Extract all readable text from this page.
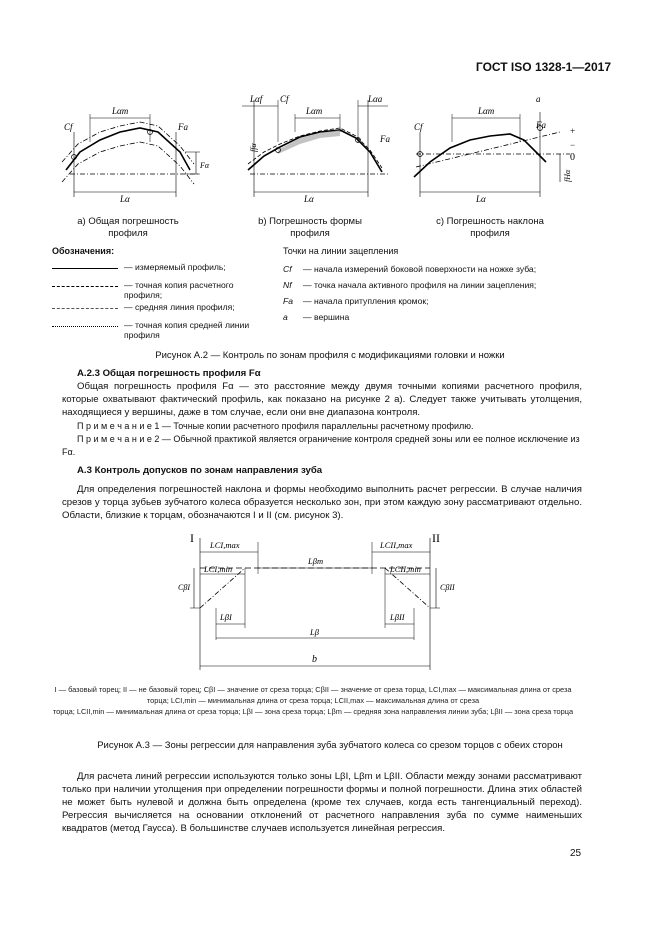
ГОСТ ISO 1328-1—2017
Cf	Fa
Lαm
Lα
Fα
Lαf Cf	Lαa
Lαm
Fa
Lα
ffα
Cf
a
Fa
+
−
0
Lαm
Lα
fHα
a) Общая погрешность профиля
b) Погрешность формы профиля
c) Погрешность наклона профиля
Обозначения:
— измеряемый профиль;
— точная копия расчетного профиля;
— средняя линия профиля;
— точная копия средней линии профиля
Точки на линии зацепления
Cf — начала измерений боковой поверхности на ножке зуба;
Nf — точка начала активного профиля на линии зацепления;
Fa — начала притупления кромок;
a — вершина
Рисунок А.2 — Контроль по зонам профиля с модификациями головки и ножки
А.2.3 Общая погрешность профиля Fα
Общая погрешность профиля Fα — это расстояние между двумя точными копиями расчетного профиля, которые охватывают фактический профиль, как показано на рисунке 2 a). Следует также учитывать утолщения, находящиеся у вершины, даже в том случае, если они вне диапазона контроля.
П р и м е ч а н и е 1 — Точные копии расчетного профиля параллельны расчетному профилю.
П р и м е ч а н и е 2 — Обычной практикой является ограничение контроля средней зоны или ее полное исключение из Fα.
А.3 Контроль допусков по зонам направления зуба
Для определения погрешностей наклона и формы необходимо выполнить расчет регрессии. В случае наличия срезов у торца зубьев зубчатого колеса образуется несколько зон, при этом каждую зону рассматривают отдельно. Области, близкие к торцам, обозначаются I и II (см. рисунок 3).
I	II
LCI,max	LCII,max
LCI,min	LCII,min
Lβm
LβI	LβII
Lβ
b
CβI	CβII
I — базовый торец; II — не базовый торец; CβI — значение от среза торца; CβII — значение от среза торца, LCI,max — максимальная длина от среза торца; LCI,min — минимальная длина от среза торца; LCII,max — максимальная длина от среза
торца; LCII,min — минимальная длина от среза торца; LβI — зона среза торца; Lβm — средняя зона направления линии зуба; LβII — зона среза торца
Рисунок А.3 — Зоны регрессии для направления зуба зубчатого колеса со срезом торцов с обеих сторон
Для расчета линий регрессии используются только зоны LβI, Lβm и LβII. Области между зонами рассматривают только при наличии утолщения при определении погрешности формы и полной погрешности. Длина этих областей не может быть нулевой и должна быть определена (кроме тех случаев, когда есть тангенциальный переход). Регрессия вычисляется на основании отклонений от расчетного направления зуба по сумме наименьших квадратов (метод Гаусса). В большинстве случаев используется линейная регрессия.
25
